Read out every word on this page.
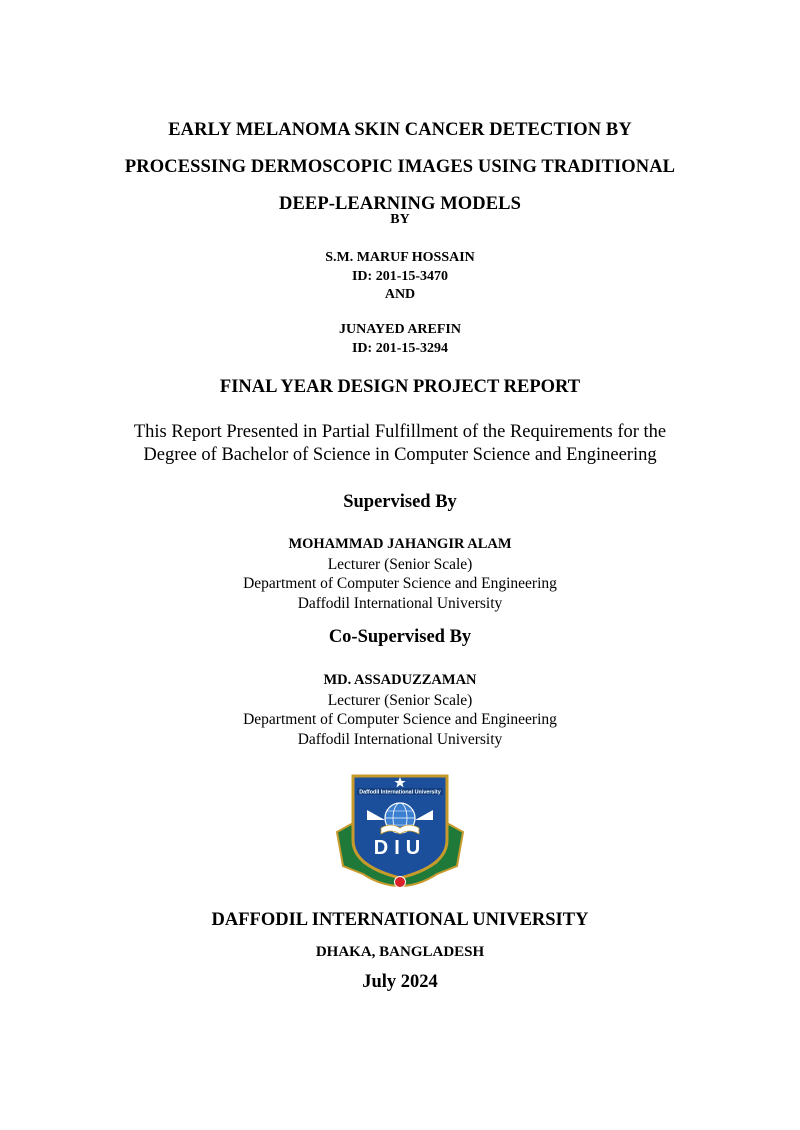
EARLY MELANOMA SKIN CANCER DETECTION BY
PROCESSING DERMOSCOPIC IMAGES USING TRADITIONAL
DEEP-LEARNING MODELS
BY
S.M. MARUF HOSSAIN
ID: 201-15-3470
AND
JUNAYED AREFIN
ID: 201-15-3294
FINAL YEAR DESIGN PROJECT REPORT
This Report Presented in Partial Fulfillment of the Requirements for the
Degree of Bachelor of Science in Computer Science and Engineering
Supervised By
MOHAMMAD JAHANGIR ALAM
Lecturer (Senior Scale)
Department of Computer Science and Engineering
Daffodil International University
Co-Supervised By
MD. ASSADUZZAMAN
Lecturer (Senior Scale)
Department of Computer Science and Engineering
Daffodil International University
Daffodil International University
DIU
DAFFODIL INTERNATIONAL UNIVERSITY
DHAKA, BANGLADESH
July 2024
